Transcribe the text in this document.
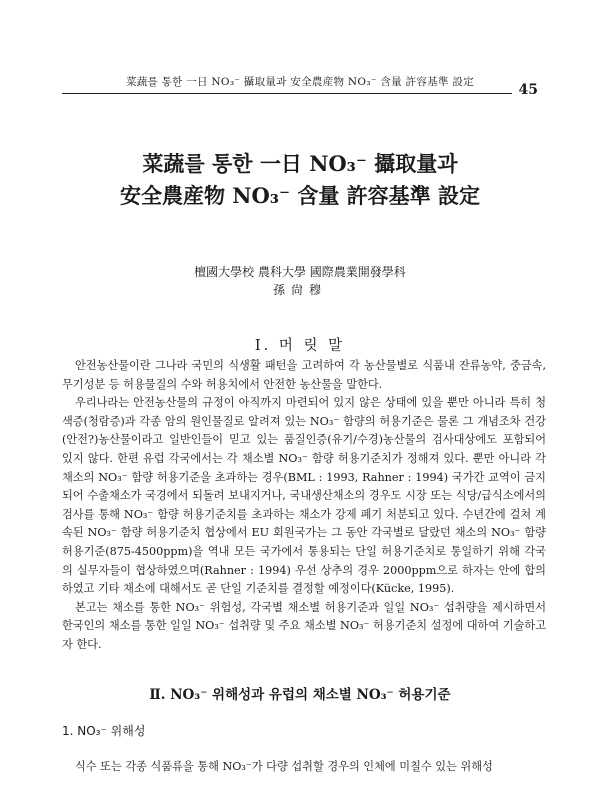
菜蔬를 통한 一日 NO₃⁻ 攝取量과 安全農産物 NO₃⁻ 含量 許容基準 設定	45
菜蔬를 통한 一日 NO₃⁻ 攝取量과
安全農産物 NO₃⁻ 含量 許容基準 設定
檀國大學校 農科大學 國際農業開發學科
孫尙穆
Ⅰ. 머 릿 말

안전농산물이란 그나라 국민의 식생활 패턴을 고려하여 각 농산물별로 식품내 잔류농약, 중금속, 무기성분 등 허용물질의 수와 허용치에서 안전한 농산물을 말한다.

우리나라는 안전농산물의 규정이 아직까지 마련되어 있지 않은 상태에 있을 뿐만 아니라 특히 청색증(청람증)과 각종 암의 원인물질로 알려져 있는 NO₃⁻ 함량의 허용기준은 물론 그 개념조차 건강(안전?)농산물이라고 일반인들이 믿고 있는 품질인증(유기/수경)농산물의 검사대상에도 포함되어 있지 않다. 한편 유럽 각국에서는 각 채소별 NO₃⁻ 함량 허용기준치가 정해져 있다. 뿐만 아니라 각 채소의 NO₃⁻ 함량 허용기준을 초과하는 경우(BML : 1993, Rahner : 1994) 국가간 교역이 금지되어 수출채소가 국경에서 되돌려 보내지거나, 국내생산채소의 경우도 시장 또는 식당/급식소에서의 검사를 통해 NO₃⁻ 함량 허용기준치를 초과하는 채소가 강제 폐기 처분되고 있다. 수년간에 걸쳐 계속된 NO₃⁻ 함량 허용기준치 협상에서 EU 회원국가는 그 동안 각국별로 달랐던 채소의 NO₃⁻ 함량 허용기준(875-4500ppm)을 역내 모든 국가에서 통용되는 단일 허용기준치로 통일하기 위해 각국의 실무자들이 협상하였으며(Rahner : 1994) 우선 상추의 경우 2000ppm으로 하자는 안에 합의하였고 기타 채소에 대해서도 곧 단일 기준치를 결정할 예정이다(Kücke, 1995).

본고는 채소를 통한 NO₃⁻ 위험성, 각국별 채소별 허용기준과 일일 NO₃⁻ 섭취량을 제시하면서 한국인의 채소를 통한 일일 NO₃⁻ 섭취량 및 주요 채소별 NO₃⁻ 허용기준치 설정에 대하여 기술하고자 한다.

Ⅱ. NO₃⁻ 위해성과 유럽의 채소별 NO₃⁻ 허용기준
1. NO₃⁻ 위해성
식수 또는 각종 식품류을 통해 NO₃⁻가 다량 섭취할 경우의 인체에 미칠수 있는 위해성
